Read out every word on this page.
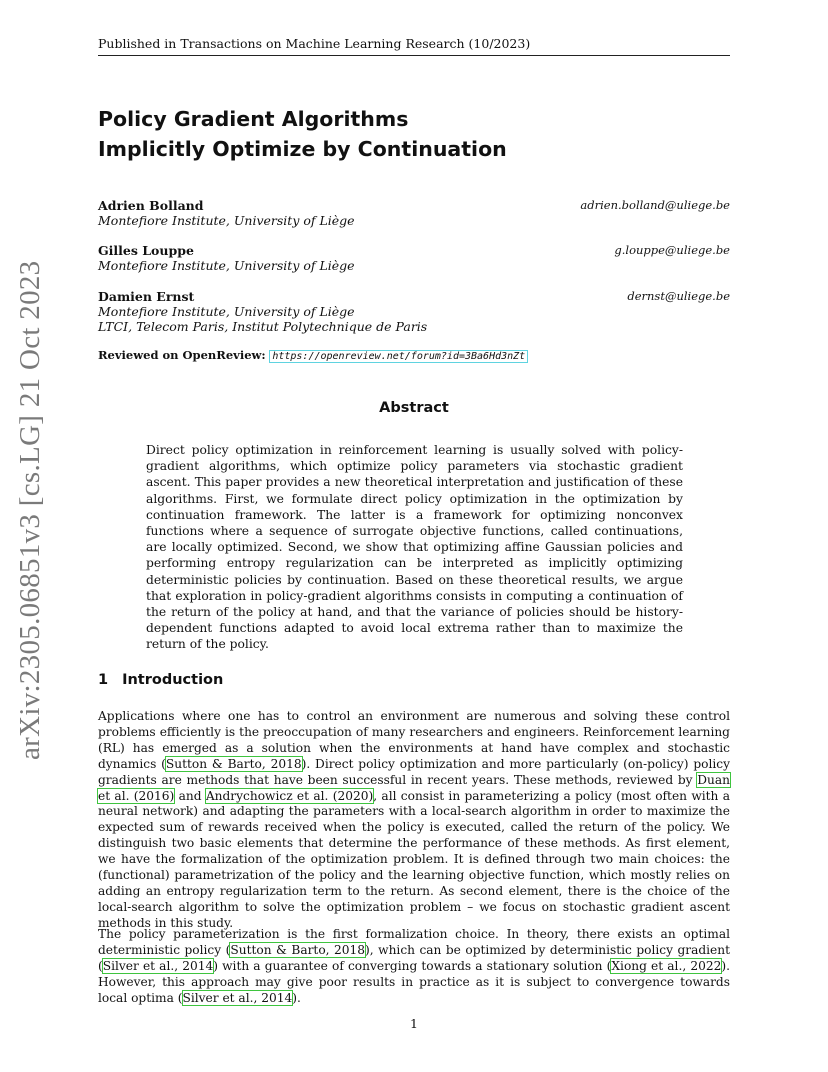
Published in Transactions on Machine Learning Research (10/2023)
arXiv:2305.06851v3 [cs.LG] 21 Oct 2023
Policy Gradient Algorithms
Implicitly Optimize by Continuation
Adrien Bolland
Montefiore Institute, University of Liège
adrien.bolland@uliege.be
Gilles Louppe
Montefiore Institute, University of Liège
g.louppe@uliege.be
Damien Ernst
Montefiore Institute, University of Liège
LTCI, Telecom Paris, Institut Polytechnique de Paris
dernst@uliege.be
Reviewed on OpenReview: https://openreview.net/forum?id=3Ba6Hd3nZt
Abstract

Direct policy optimization in reinforcement learning is usually solved with policy-gradient algorithms, which optimize policy parameters via stochastic gradient ascent. This paper provides a new theoretical interpretation and justification of these algorithms. First, we formulate direct policy optimization in the optimization by continuation framework. The latter is a framework for optimizing nonconvex functions where a sequence of surrogate objective functions, called continuations, are locally optimized. Second, we show that optimizing affine Gaussian policies and performing entropy regularization can be interpreted as implicitly optimizing deterministic policies by continuation. Based on these theoretical results, we argue that exploration in policy-gradient algorithms consists in computing a continuation of the return of the policy at hand, and that the variance of policies should be history-dependent functions adapted to avoid local extrema rather than to maximize the return of the policy.

1 Introduction

Applications where one has to control an environment are numerous and solving these control problems efficiently is the preoccupation of many researchers and engineers. Reinforcement learning (RL) has emerged as a solution when the environments at hand have complex and stochastic dynamics (Sutton & Barto, 2018). Direct policy optimization and more particularly (on-policy) policy gradients are methods that have been successful in recent years. These methods, reviewed by Duan et al. (2016) and Andrychowicz et al. (2020), all consist in parameterizing a policy (most often with a neural network) and adapting the parameters with a local-search algorithm in order to maximize the expected sum of rewards received when the policy is executed, called the return of the policy. We distinguish two basic elements that determine the performance of these methods. As first element, we have the formalization of the optimization problem. It is defined through two main choices: the (functional) parametrization of the policy and the learning objective function, which mostly relies on adding an entropy regularization term to the return. As second element, there is the choice of the local-search algorithm to solve the optimization problem – we focus on stochastic gradient ascent methods in this study.

The policy parameterization is the first formalization choice. In theory, there exists an optimal deterministic policy (Sutton & Barto, 2018), which can be optimized by deterministic policy gradient (Silver et al., 2014) with a guarantee of converging towards a stationary solution (Xiong et al., 2022). However, this approach may give poor results in practice as it is subject to convergence towards local optima (Silver et al., 2014).

1
